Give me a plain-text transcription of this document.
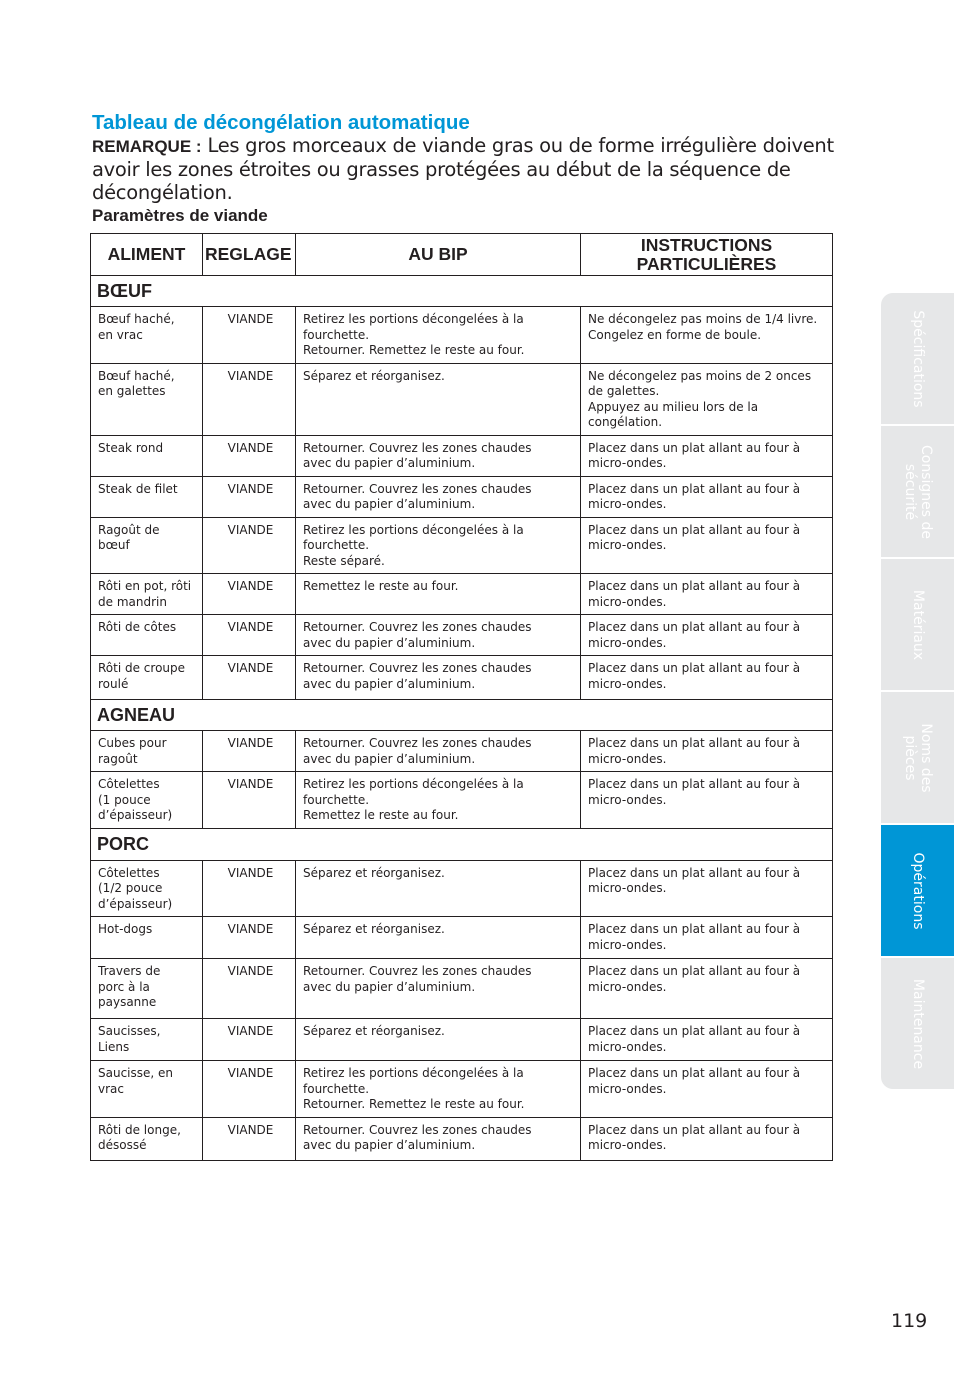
Tableau de décongélation automatique
REMARQUE : Les gros morceaux de viande gras ou de forme irrégulière doivent avoir les zones étroites ou grasses protégées au début de la séquence de décongélation.
Paramètres de viande
ALIMENT	REGLAGE	AU BIP	INSTRUCTIONS
PARTICULIÈRES

BŒUF			

Bœuf haché,
en vrac	VIANDE	Retirez les portions décongelées à la
fourchette.
Retourner. Remettez le reste au four.	Ne décongelez pas moins de 1/4 livre.
Congelez en forme de boule.

Bœuf haché,
en galettes	VIANDE	Séparez et réorganisez.	Ne décongelez pas moins de 2 onces
de galettes.
Appuyez au milieu lors de la
congélation.

Steak rond	VIANDE	Retourner. Couvrez les zones chaudes
avec du papier d’aluminium.	Placez dans un plat allant au four à
micro-ondes.

Steak de filet	VIANDE	Retourner. Couvrez les zones chaudes
avec du papier d’aluminium.	Placez dans un plat allant au four à
micro-ondes.

Ragoût de
bœuf	VIANDE	Retirez les portions décongelées à la
fourchette.
Reste séparé.	Placez dans un plat allant au four à
micro-ondes.

Rôti en pot, rôti
de mandrin	VIANDE	Remettez le reste au four.	Placez dans un plat allant au four à
micro-ondes.

Rôti de côtes	VIANDE	Retourner. Couvrez les zones chaudes
avec du papier d’aluminium.	Placez dans un plat allant au four à
micro-ondes.

Rôti de croupe
roulé	VIANDE	Retourner. Couvrez les zones chaudes
avec du papier d’aluminium.	Placez dans un plat allant au four à
micro-ondes.

AGNEAU			

Cubes pour
ragoût	VIANDE	Retourner. Couvrez les zones chaudes
avec du papier d’aluminium.	Placez dans un plat allant au four à
micro-ondes.

Côtelettes
(1 pouce
d’épaisseur)	VIANDE	Retirez les portions décongelées à la
fourchette.
Remettez le reste au four.	Placez dans un plat allant au four à
micro-ondes.

PORC			

Côtelettes
(1/2 pouce
d’épaisseur)	VIANDE	Séparez et réorganisez.	Placez dans un plat allant au four à
micro-ondes.

Hot-dogs	VIANDE	Séparez et réorganisez.	Placez dans un plat allant au four à
micro-ondes.

Travers de
porc à la
paysanne	VIANDE	Retourner. Couvrez les zones chaudes
avec du papier d’aluminium.	Placez dans un plat allant au four à
micro-ondes.

Saucisses,
Liens	VIANDE	Séparez et réorganisez.	Placez dans un plat allant au four à
micro-ondes.

Saucisse, en
vrac	VIANDE	Retirez les portions décongelées à la
fourchette.
Retourner. Remettez le reste au four.	Placez dans un plat allant au four à
micro-ondes.

Rôti de longe,
désossé	VIANDE	Retourner. Couvrez les zones chaudes
avec du papier d’aluminium.	Placez dans un plat allant au four à
micro-ondes.
Spécifications
Consignes de
sécurité
Matériaux
Noms des
pièces
Opérations
Maintenance
119
